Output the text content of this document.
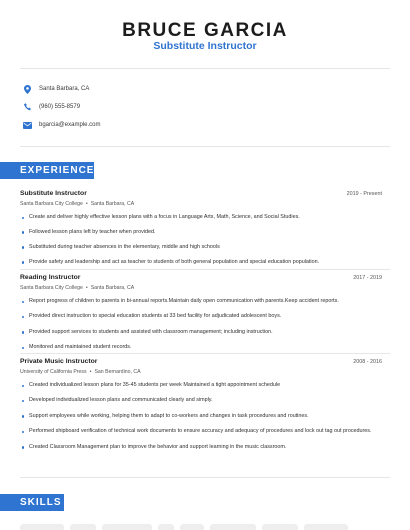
BRUCE GARCIA
Substitute Instructor
Santa Barbara, CA
(960) 555-8579
bgarcia@example.com
EXPERIENCE
Substitute Instructor	2019 - Present
Santa Barbara City College • Santa Barbara, CA
Create and deliver highly effective lesson plans with a focus in Language Arts, Math, Science, and Social Studies.
Followed lesson plans left by teacher when provided.
Substituted during teacher absences in the elementary, middle and high schools
Provide safety and leadership and act as teacher to students of both general population and special education population.
Reading Instructor	2017 - 2019
Santa Barbara City College • Santa Barbara, CA
Report progress of children to parents in bi-annual reports.Maintain daily open communication with parents.Keep accident reports.
Provided direct instruction to special education students at 33 bed facility for adjudicated adolescent boys.
Provided support services to students and assisted with classroom management; including instruction.
Monitored and maintained student records.
Private Music Instructor	2008 - 2016
University of California Press • San Bernardino, CA
Created individualized lesson plans for 35-45 students per week Maintained a tight appointment schedule
Developed individualized lesson plans and communicated clearly and simply.
Support employees while working, helping them to adapt to co-workers and changes in task procedures and routines.
Performed shipboard verification of technical work documents to ensure accuracy and adequacy of procedures and lock out tag out procedures.
Created Classroom Management plan to improve the behavior and support learning in the music classroom.
SKILLS
